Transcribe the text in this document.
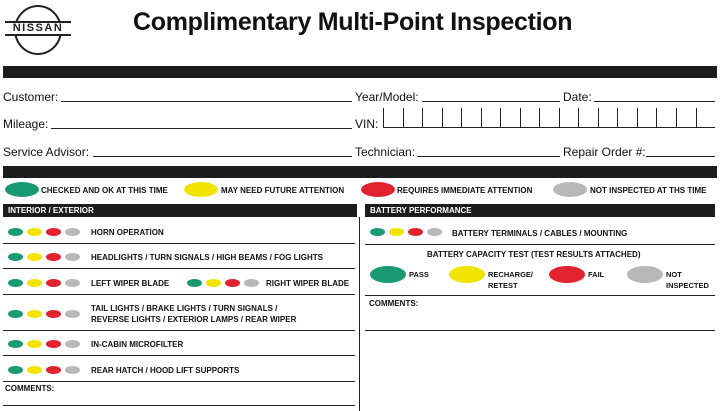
NISSAN	Complimentary Multi-Point Inspection
Customer:	Year/Model:	Date:
Mileage:	VIN:
Service Advisor:	Technician:	Repair Order #:
CHECKED AND OK AT THIS TIME	MAY NEED FUTURE ATTENTION	REQUIRES IMMEDIATE ATTENTION	NOT INSPECTED AT THS TIME
INTERIOR / EXTERIOR	BATTERY PERFORMANCE
HORN OPERATION
HEADLIGHTS / TURN SIGNALS / HIGH BEAMS / FOG LIGHTS
LEFT WIPER BLADE	RIGHT WIPER BLADE
TAIL LIGHTS / BRAKE LIGHTS / TURN SIGNALS /
REVERSE LIGHTS / EXTERIOR LAMPS / REAR WIPER
IN-CABIN MICROFILTER
REAR HATCH / HOOD LIFT SUPPORTS
COMMENTS:
BATTERY TERMINALS / CABLES / MOUNTING
BATTERY CAPACITY TEST (TEST RESULTS ATTACHED)
PASS	RECHARGE/
RETEST
FAIL	NOT
INSPECTED
COMMENTS:
